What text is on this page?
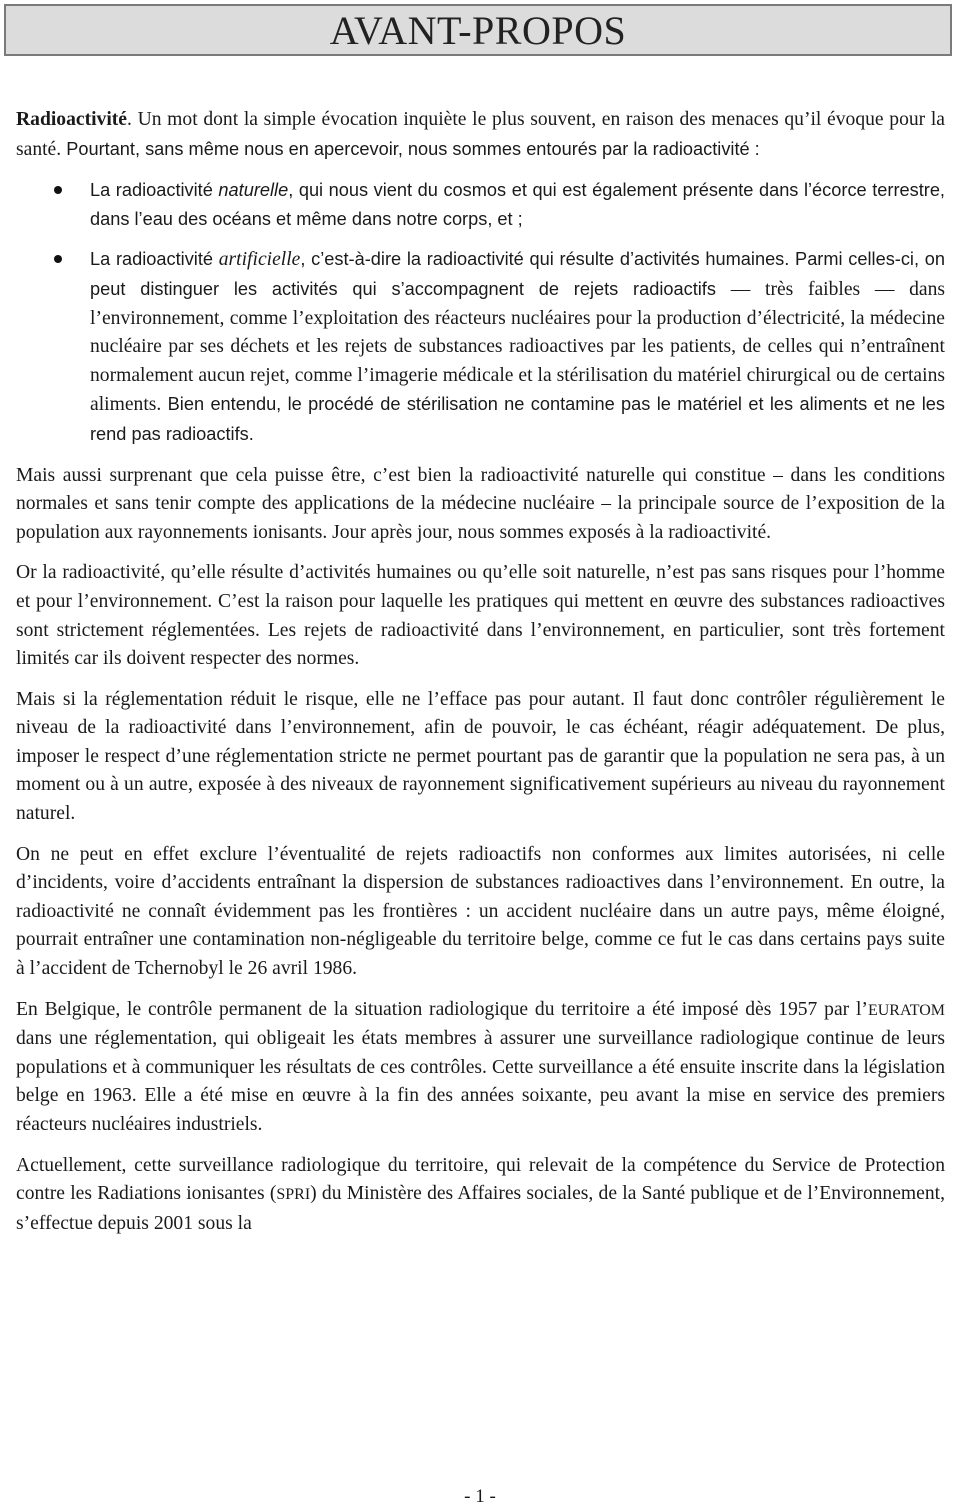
AVANT-PROPOS

Radioactivité. Un mot dont la simple évocation inquiète le plus souvent, en raison des menaces qu’il évoque pour la santé. Pourtant, sans même nous en apercevoir, nous sommes entourés par la radioactivité :

La radioactivité naturelle, qui nous vient du cosmos et qui est également présente dans l’écorce terrestre, dans l’eau des océans et même dans notre corps, et ;
La radioactivité artificielle, c’est-à-dire la radioactivité qui résulte d’activités humaines. Parmi celles-ci, on peut distinguer les activités qui s’accompagnent de rejets radioactifs — très faibles — dans l’environnement, comme l’exploitation des réacteurs nucléaires pour la production d’électricité, la médecine nucléaire par ses déchets et les rejets de substances radioactives par les patients, de celles qui n’entraînent normalement aucun rejet, comme l’imagerie médicale et la stérilisation du matériel chirurgical ou de certains aliments. Bien entendu, le procédé de stérilisation ne contamine pas le matériel et les aliments et ne les rend pas radioactifs.

Mais aussi surprenant que cela puisse être, c’est bien la radioactivité naturelle qui constitue – dans les conditions normales et sans tenir compte des applications de la médecine nucléaire – la principale source de l’exposition de la population aux rayonnements ionisants. Jour après jour, nous sommes exposés à la radioactivité.

Or la radioactivité, qu’elle résulte d’activités humaines ou qu’elle soit naturelle, n’est pas sans risques pour l’homme et pour l’environnement. C’est la raison pour laquelle les pratiques qui mettent en œuvre des substances radioactives sont strictement réglementées. Les rejets de radioactivité dans l’environnement, en particulier, sont très fortement limités car ils doivent respecter des normes.

Mais si la réglementation réduit le risque, elle ne l’efface pas pour autant. Il faut donc contrôler régulièrement le niveau de la radioactivité dans l’environnement, afin de pouvoir, le cas échéant, réagir adéquatement. De plus, imposer le respect d’une réglementation stricte ne permet pourtant pas de garantir que la population ne sera pas, à un moment ou à un autre, exposée à des niveaux de rayonnement significativement supérieurs au niveau du rayonnement naturel.

On ne peut en effet exclure l’éventualité de rejets radioactifs non conformes aux limites autorisées, ni celle d’incidents, voire d’accidents entraînant la dispersion de substances radioactives dans l’environnement. En outre, la radioactivité ne connaît évidemment pas les frontières : un accident nucléaire dans un autre pays, même éloigné, pourrait entraîner une contamination non-négligeable du territoire belge, comme ce fut le cas dans certains pays suite à l’accident de Tchernobyl le 26 avril 1986.

En Belgique, le contrôle permanent de la situation radiologique du territoire a été imposé dès 1957 par l’EURATOM dans une réglementation, qui obligeait les états membres à assurer une surveillance radiologique continue de leurs populations et à communiquer les résultats de ces contrôles. Cette surveillance a été ensuite inscrite dans la législation belge en 1963. Elle a été mise en œuvre à la fin des années soixante, peu avant la mise en service des premiers réacteurs nucléaires industriels.

Actuellement, cette surveillance radiologique du territoire, qui relevait de la compétence du Service de Protection contre les Radiations ionisantes (SPRI) du Ministère des Affaires sociales, de la Santé publique et de l’Environnement, s’effectue depuis 2001 sous la

- 1 -
